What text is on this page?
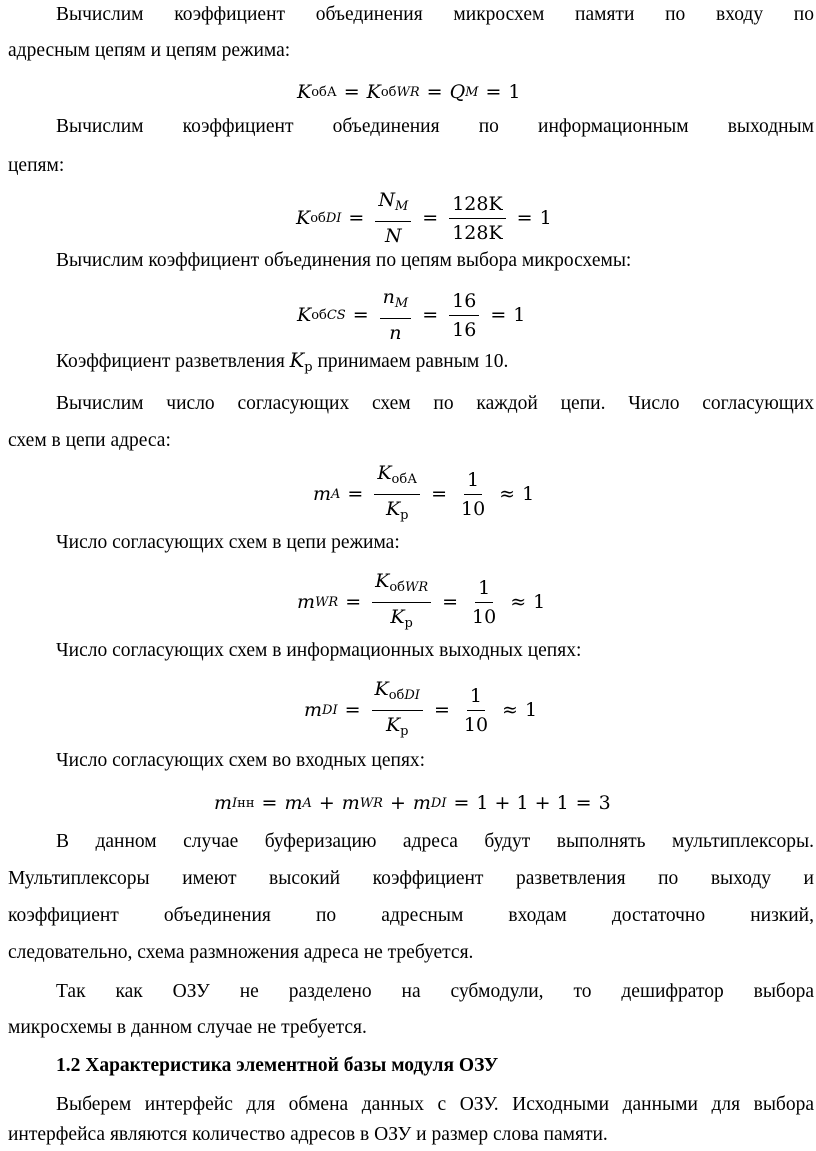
Вычислим коэффициент объединения микросхем памяти по входу по
адресным цепям и цепям режима:
K обА = K обWR = Q M = 1
Вычислим коэффициент объединения по информационным выходным
цепям:
K обDI = $\frac{N_M}{N} = \frac{128K}{128K} = 1$
Вычислим коэффициент объединения по цепям выбора микросхемы:
K обCS = $\frac{n_M}{n} = \frac{16}{16} = 1$
Коэффициент разветвления $K_р$ принимаем равным 10.
Вычислим число согласующих схем по каждой цепи. Число согласующих
схем в цепи адреса:
m $A = \frac{K_{обА}}{K_р} = \frac{1}{10} \approx 1$
Число согласующих схем в цепи режима:
m WR = $\frac{K_{обWR}}{K_р} = \frac{1}{10} \approx 1$
Число согласующих схем в информационных выходных цепях:
m DI = $\frac{K_{обDI}}{K_р} = \frac{1}{10} \approx 1$
Число согласующих схем во входных цепях:
m Iнн = m A + m WR + m DI = 1 + 1 + 1 = 3
В данном случае буферизацию адреса будут выполнять мультиплексоры.
Мультиплексоры имеют высокий коэффициент разветвления по выходу и
коэффициент объединения по адресным входам достаточно низкий,
следовательно, схема размножения адреса не требуется.
Так как ОЗУ не разделено на субмодули, то дешифратор выбора
микросхемы в данном случае не требуется.
1.2 Характеристика элементной базы модуля ОЗУ
Выберем интерфейс для обмена данных с ОЗУ. Исходными данными для выбора
интерфейса являются количество адресов в ОЗУ и размер слова памяти.
